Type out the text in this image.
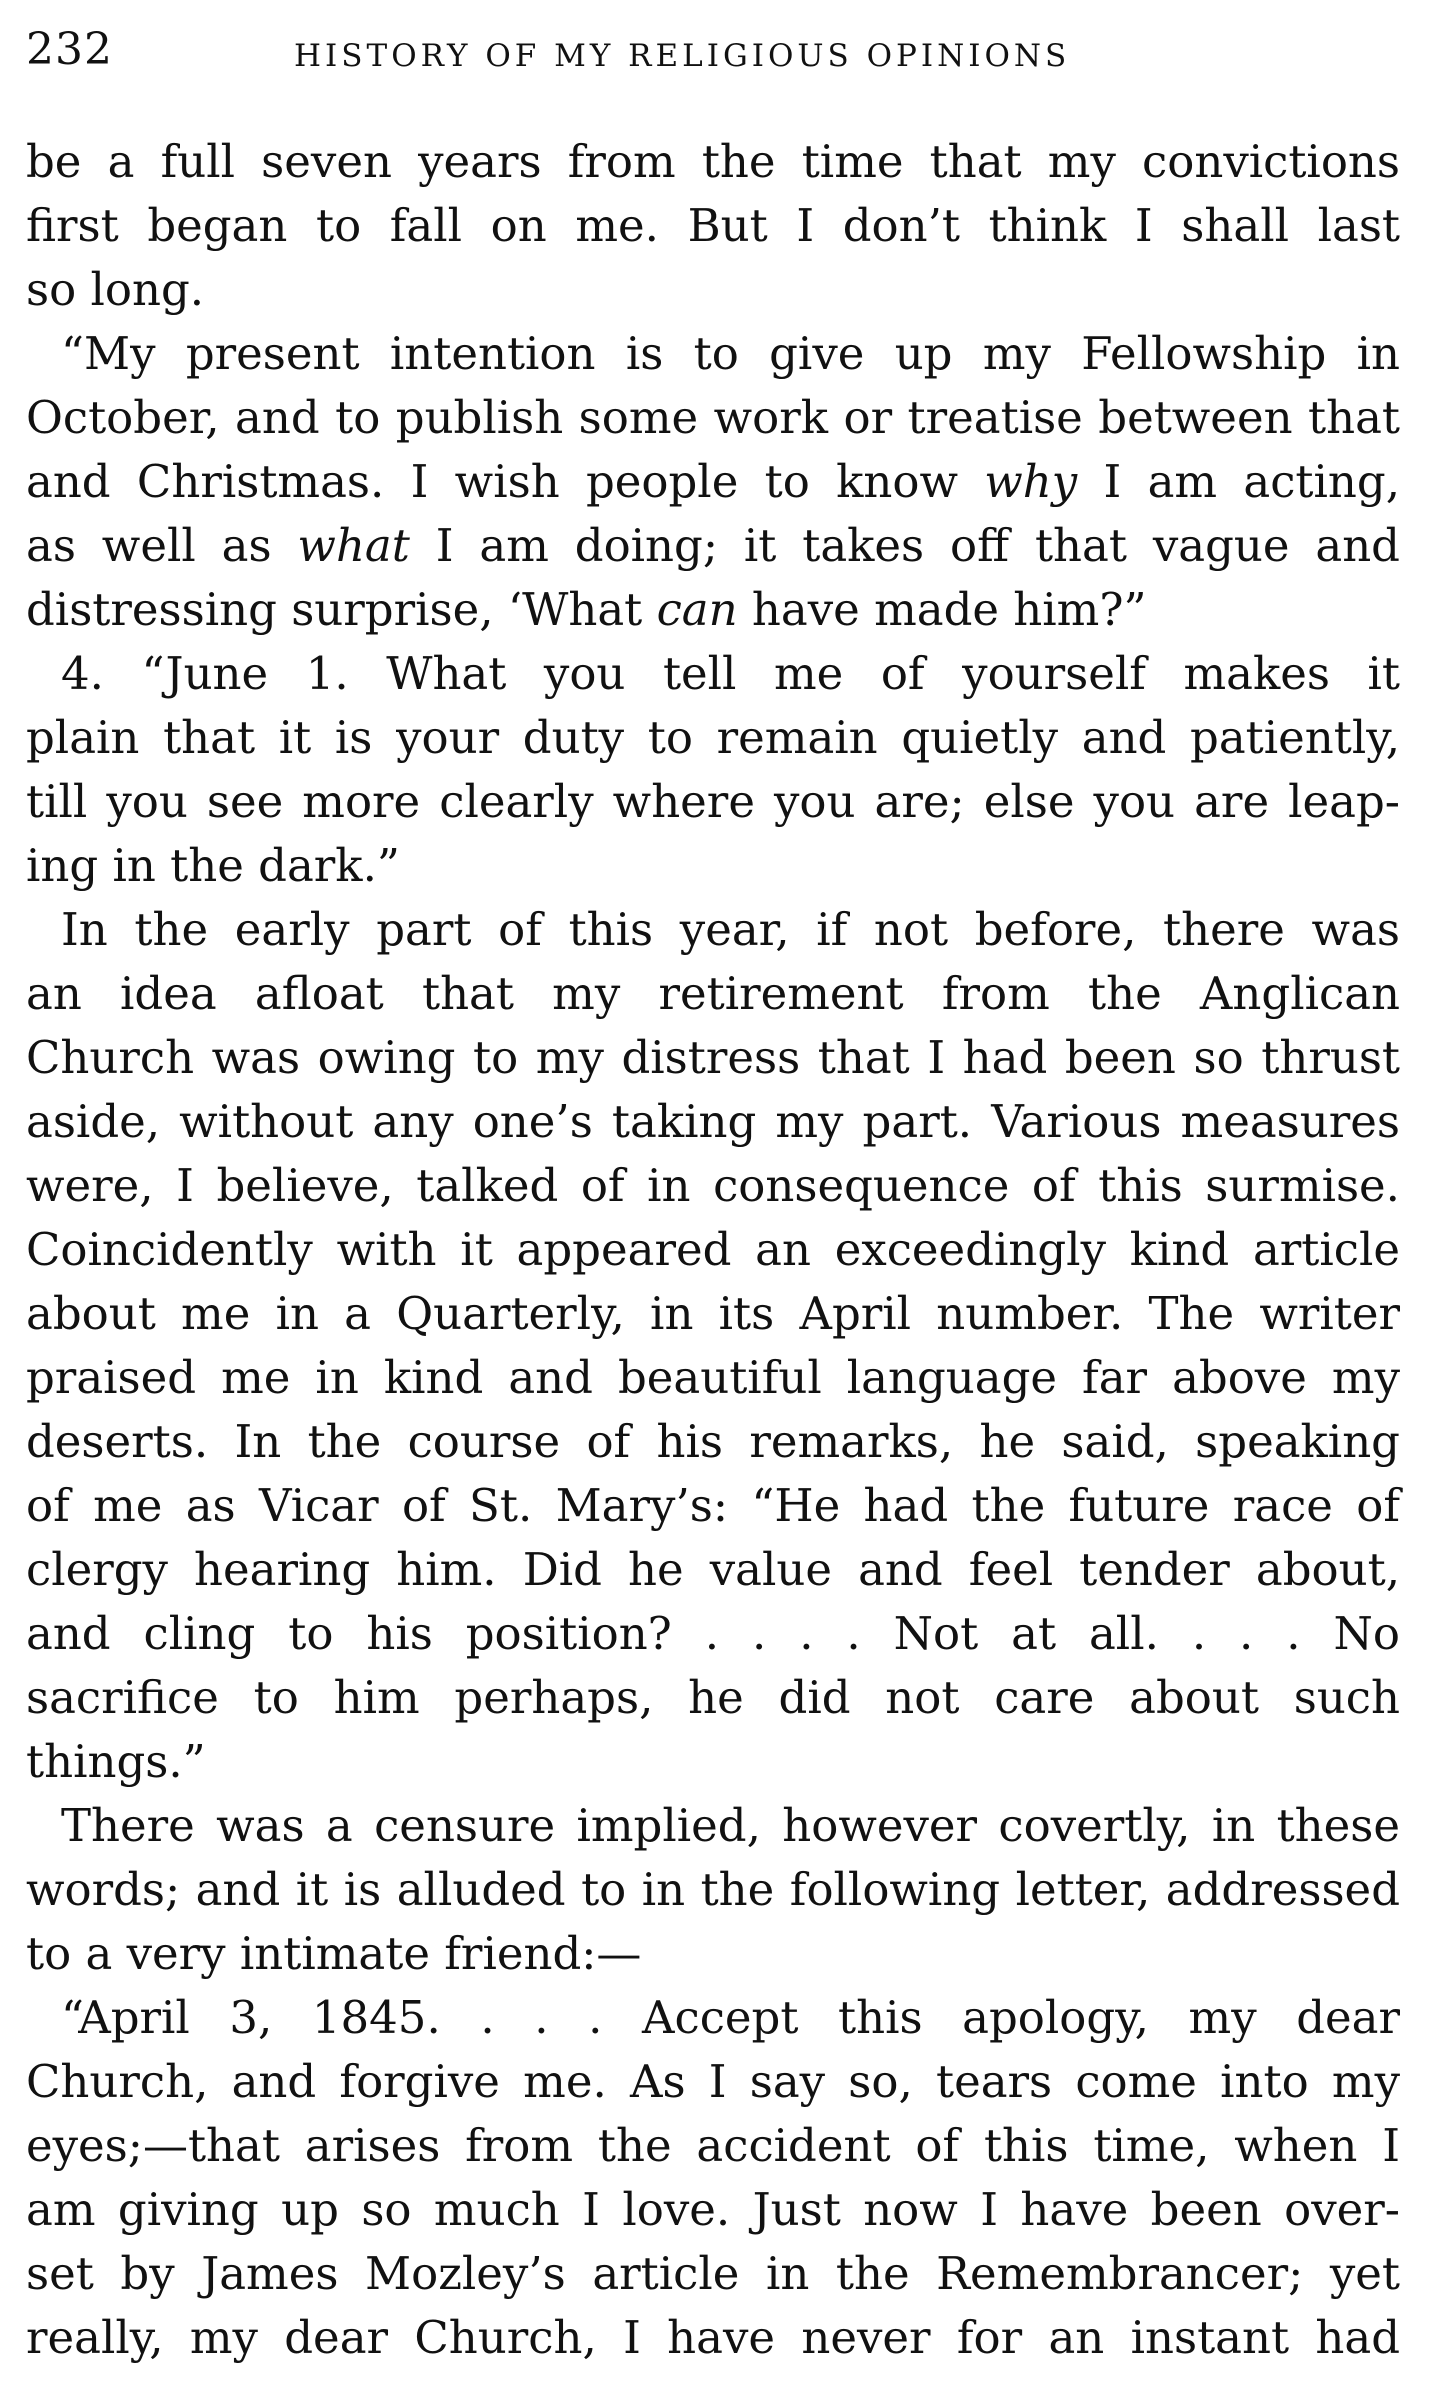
232	HISTORY OF MY RELIGIOUS OPINIONS
be a full seven years from the time that my convictions
first began to fall on me. But I don’t think I shall last
so long.
“My present intention is to give up my Fellowship in
October, and to publish some work or treatise between that
and Christmas. I wish people to know why I am acting,
as well as what I am doing; it takes off that vague and
distressing surprise, ‘What can have made him?”
4. “June 1. What you tell me of yourself makes it
plain that it is your duty to remain quietly and patiently,
till you see more clearly where you are; else you are leap-
ing in the dark.”
In the early part of this year, if not before, there was
an idea afloat that my retirement from the Anglican
Church was owing to my distress that I had been so thrust
aside, without any one’s taking my part. Various measures
were, I believe, talked of in consequence of this surmise.
Coincidently with it appeared an exceedingly kind article
about me in a Quarterly, in its April number. The writer
praised me in kind and beautiful language far above my
deserts. In the course of his remarks, he said, speaking
of me as Vicar of St. Mary’s: “He had the future race of
clergy hearing him. Did he value and feel tender about,
and cling to his position? . . . . Not at all. . . . No
sacrifice to him perhaps, he did not care about such
things.”
There was a censure implied, however covertly, in these
words; and it is alluded to in the following letter, addressed
to a very intimate friend:—
“April 3, 1845. . . . Accept this apology, my dear
Church, and forgive me. As I say so, tears come into my
eyes;—that arises from the accident of this time, when I
am giving up so much I love. Just now I have been over-
set by James Mozley’s article in the Remembrancer; yet
really, my dear Church, I have never for an instant had
